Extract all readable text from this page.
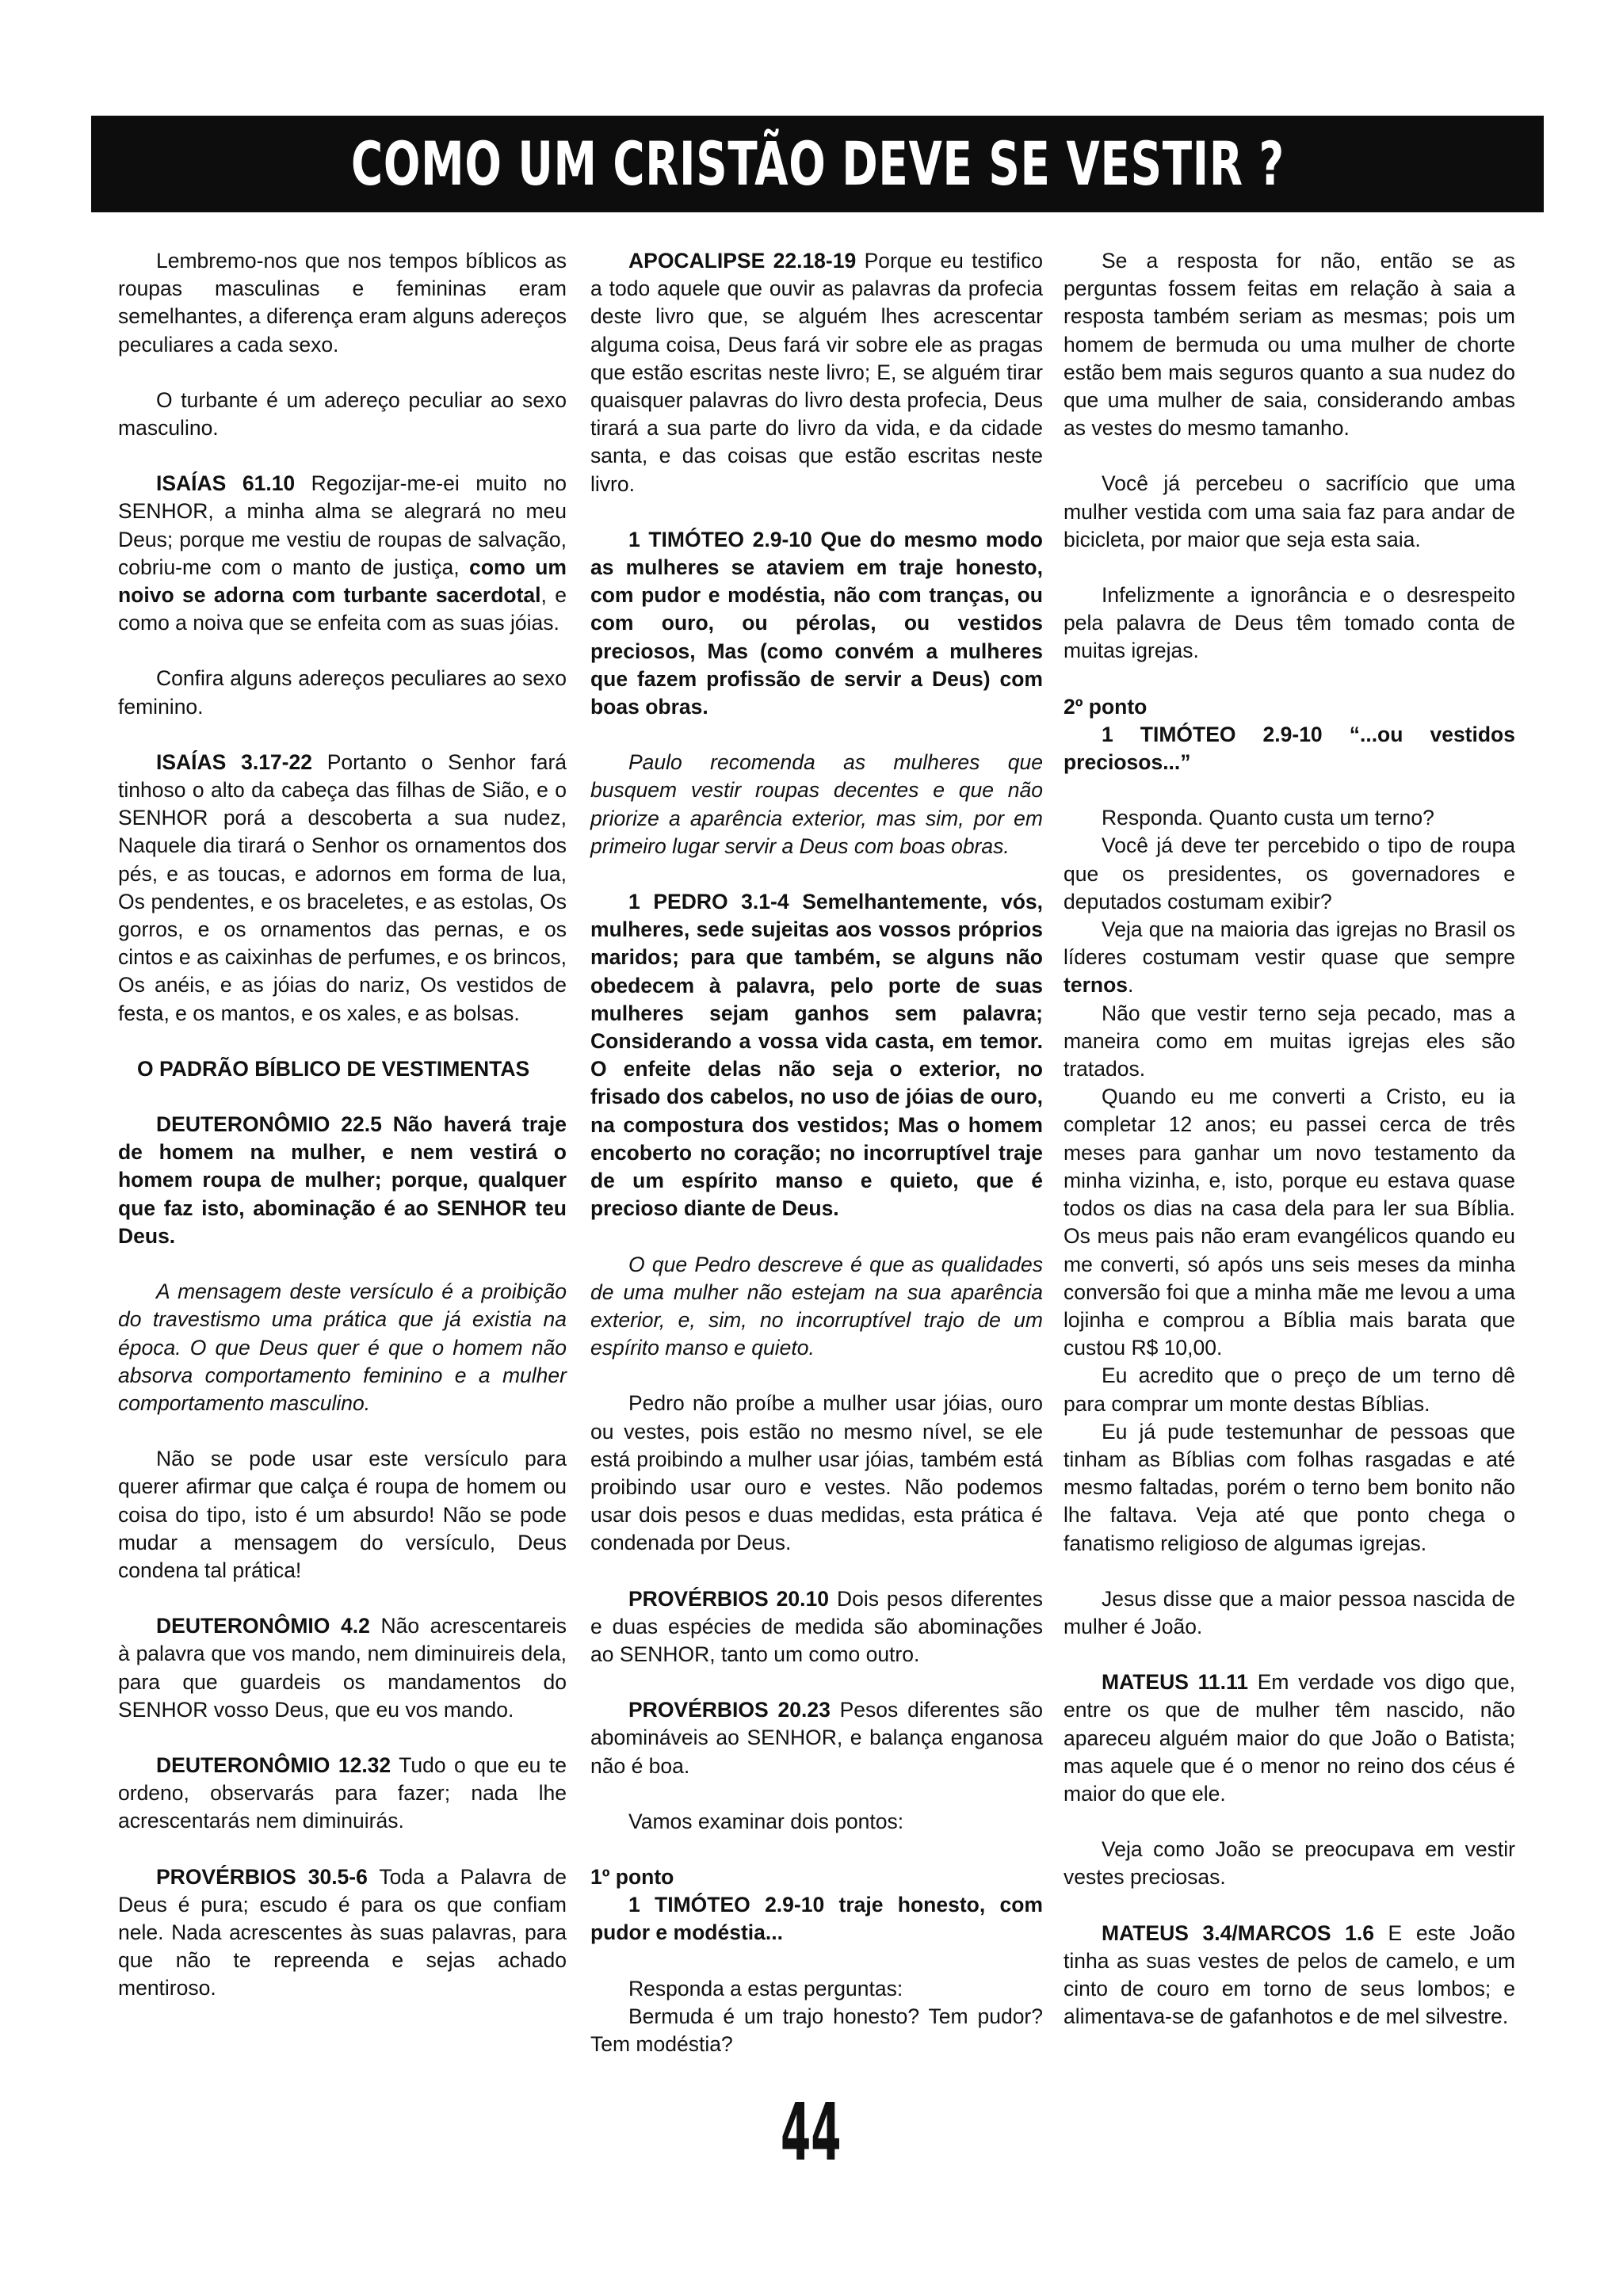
COMO UM CRISTÃO DEVE SE VESTIR ?

Lembremo-nos que nos tempos bíblicos as roupas masculinas e femininas eram semelhantes, a diferença eram alguns adereços peculiares a cada sexo.

O turbante é um adereço peculiar ao sexo masculino.

ISAÍAS 61.10 Regozijar-me-ei muito no SENHOR, a minha alma se alegrará no meu Deus; porque me vestiu de roupas de salvação, cobriu-me com o manto de justiça, como um noivo se adorna com turbante sacerdotal, e como a noiva que se enfeita com as suas jóias.

Confira alguns adereços peculiares ao sexo feminino.

ISAÍAS 3.17-22 Portanto o Senhor fará tinhoso o alto da cabeça das filhas de Sião, e o SENHOR porá a descoberta a sua nudez, Naquele dia tirará o Senhor os ornamentos dos pés, e as toucas, e adornos em forma de lua, Os pendentes, e os braceletes, e as estolas, Os gorros, e os ornamentos das pernas, e os cintos e as caixinhas de perfumes, e os brincos, Os anéis, e as jóias do nariz, Os vestidos de festa, e os mantos, e os xales, e as bolsas.

O PADRÃO BÍBLICO DE VESTIMENTAS

DEUTERONÔMIO 22.5 Não haverá traje de homem na mulher, e nem vestirá o homem roupa de mulher; porque, qualquer que faz isto, abominação é ao SENHOR teu Deus.

A mensagem deste versículo é a proibição do travestismo uma prática que já existia na época. O que Deus quer é que o homem não absorva comportamento feminino e a mulher comportamento masculino.

Não se pode usar este versículo para querer afirmar que calça é roupa de homem ou coisa do tipo, isto é um absurdo! Não se pode mudar a mensagem do versículo, Deus condena tal prática!

DEUTERONÔMIO 4.2 Não acrescentareis à palavra que vos mando, nem diminuireis dela, para que guardeis os mandamentos do SENHOR vosso Deus, que eu vos mando.

DEUTERONÔMIO 12.32 Tudo o que eu te ordeno, observarás para fazer; nada lhe acrescentarás nem diminuirás.

PROVÉRBIOS 30.5-6 Toda a Palavra de Deus é pura; escudo é para os que confiam nele. Nada acrescentes às suas palavras, para que não te repreenda e sejas achado mentiroso.

APOCALIPSE 22.18-19 Porque eu testifico a todo aquele que ouvir as palavras da profecia deste livro que, se alguém lhes acrescentar alguma coisa, Deus fará vir sobre ele as pragas que estão escritas neste livro; E, se alguém tirar quaisquer palavras do livro desta profecia, Deus tirará a sua parte do livro da vida, e da cidade santa, e das coisas que estão escritas neste livro.

1 TIMÓTEO 2.9-10 Que do mesmo modo as mulheres se ataviem em traje honesto, com pudor e modéstia, não com tranças, ou com ouro, ou pérolas, ou vestidos preciosos, Mas (como convém a mulheres que fazem profissão de servir a Deus) com boas obras.

Paulo recomenda as mulheres que busquem vestir roupas decentes e que não priorize a aparência exterior, mas sim, por em primeiro lugar servir a Deus com boas obras.

1 PEDRO 3.1-4 Semelhantemente, vós, mulheres, sede sujeitas aos vossos próprios maridos; para que também, se alguns não obedecem à palavra, pelo porte de suas mulheres sejam ganhos sem palavra; Considerando a vossa vida casta, em temor. O enfeite delas não seja o exterior, no frisado dos cabelos, no uso de jóias de ouro, na compostura dos vestidos; Mas o homem encoberto no coração; no incorruptível traje de um espírito manso e quieto, que é precioso diante de Deus.

O que Pedro descreve é que as qualidades de uma mulher não estejam na sua aparência exterior, e, sim, no incorruptível trajo de um espírito manso e quieto.

Pedro não proíbe a mulher usar jóias, ouro ou vestes, pois estão no mesmo nível, se ele está proibindo a mulher usar jóias, também está proibindo usar ouro e vestes. Não podemos usar dois pesos e duas medidas, esta prática é condenada por Deus.

PROVÉRBIOS 20.10 Dois pesos diferentes e duas espécies de medida são abominações ao SENHOR, tanto um como outro.

PROVÉRBIOS 20.23 Pesos diferentes são abomináveis ao SENHOR, e balança enganosa não é boa.

Vamos examinar dois pontos:

1º ponto

1 TIMÓTEO 2.9-10 traje honesto, com pudor e modéstia...

Responda a estas perguntas:

Bermuda é um trajo honesto? Tem pudor? Tem modéstia?

Se a resposta for não, então se as perguntas fossem feitas em relação à saia a resposta também seriam as mesmas; pois um homem de bermuda ou uma mulher de chorte estão bem mais seguros quanto a sua nudez do que uma mulher de saia, considerando ambas as vestes do mesmo tamanho.

Você já percebeu o sacrifício que uma mulher vestida com uma saia faz para andar de bicicleta, por maior que seja esta saia.

Infelizmente a ignorância e o desrespeito pela palavra de Deus têm tomado conta de muitas igrejas.

2º ponto

1 TIMÓTEO 2.9-10 “...ou vestidos preciosos...”

Responda. Quanto custa um terno?

Você já deve ter percebido o tipo de roupa que os presidentes, os governadores e deputados costumam exibir?

Veja que na maioria das igrejas no Brasil os líderes costumam vestir quase que sempre ternos.

Não que vestir terno seja pecado, mas a maneira como em muitas igrejas eles são tratados.

Quando eu me converti a Cristo, eu ia completar 12 anos; eu passei cerca de três meses para ganhar um novo testamento da minha vizinha, e, isto, porque eu estava quase todos os dias na casa dela para ler sua Bíblia. Os meus pais não eram evangélicos quando eu me converti, só após uns seis meses da minha conversão foi que a minha mãe me levou a uma lojinha e comprou a Bíblia mais barata que custou R$ 10,00.

Eu acredito que o preço de um terno dê para comprar um monte destas Bíblias.

Eu já pude testemunhar de pessoas que tinham as Bíblias com folhas rasgadas e até mesmo faltadas, porém o terno bem bonito não lhe faltava. Veja até que ponto chega o fanatismo religioso de algumas igrejas.

Jesus disse que a maior pessoa nascida de mulher é João.

MATEUS 11.11 Em verdade vos digo que, entre os que de mulher têm nascido, não apareceu alguém maior do que João o Batista; mas aquele que é o menor no reino dos céus é maior do que ele.

Veja como João se preocupava em vestir vestes preciosas.

MATEUS 3.4/MARCOS 1.6 E este João tinha as suas vestes de pelos de camelo, e um cinto de couro em torno de seus lombos; e alimentava-se de gafanhotos e de mel silvestre.

44
